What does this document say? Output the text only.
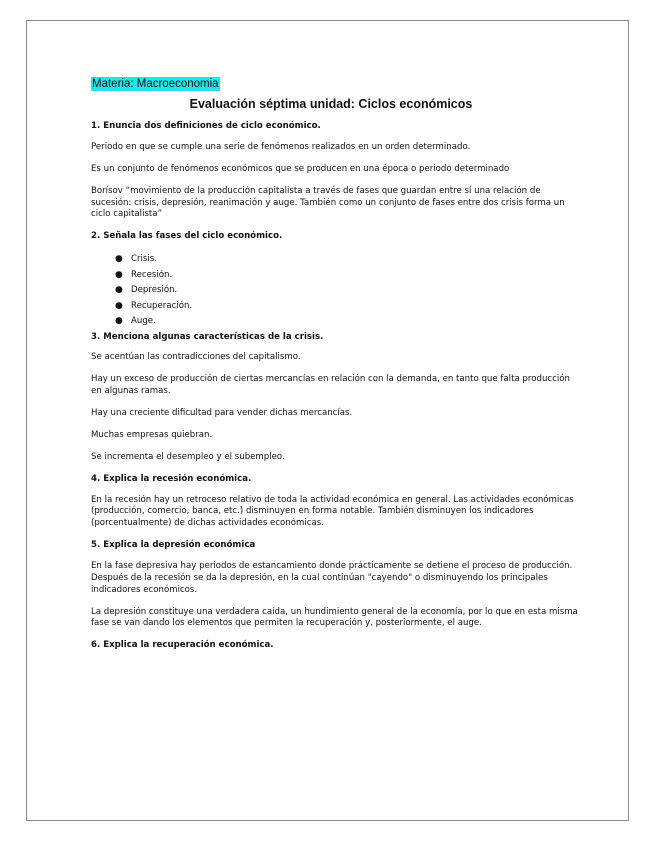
Materia: Macroeconomia
Evaluación séptima unidad: Ciclos económicos
1. Enuncia dos definiciones de ciclo económico.

Periodo en que se cumple una serie de fenómenos realizados en un orden determinado.

Es un conjunto de fenómenos económicos que se producen en una época o periodo determinado

Borísov “movimiento de la producción capitalista a través de fases que guardan entre sí una relación de sucesión: crisis, depresión, reanimación y auge. También como un conjunto de fases entre dos crisis forma un ciclo capitalista”

2. Señala las fases del ciclo económico.
● Crisis.
● Recesión.
● Depresión.
● Recuperación.
● Auge.
3. Menciona algunas características de la crisis.

Se acentúan las contradicciones del capitalismo.

Hay un exceso de producción de ciertas mercancías en relación con la demanda, en tanto que falta producción en algunas ramas.

Hay una creciente dificultad para vender dichas mercancías.

Muchas empresas quiebran.

Se incrementa el desempleo y el subempleo.

4. Explica la recesión económica.

En la recesión hay un retroceso relativo de toda la actividad económica en general. Las actividades económicas (producción, comercio, banca, etc.) disminuyen en forma notable. También disminuyen los indicadores (porcentualmente) de dichas actividades económicas.

5. Explica la depresión económica

En la fase depresiva hay periodos de estancamiento donde prácticamente se detiene el proceso de producción. Después de la recesión se da la depresión, en la cual continúan "cayendo" o disminuyendo los principales indicadores económicos.

La depresión constituye una verdadera caída, un hundimiento general de la economía, por lo que en esta misma fase se van dando los elementos que permiten la recuperación y, posteriormente, el auge.

6. Explica la recuperación económica.
